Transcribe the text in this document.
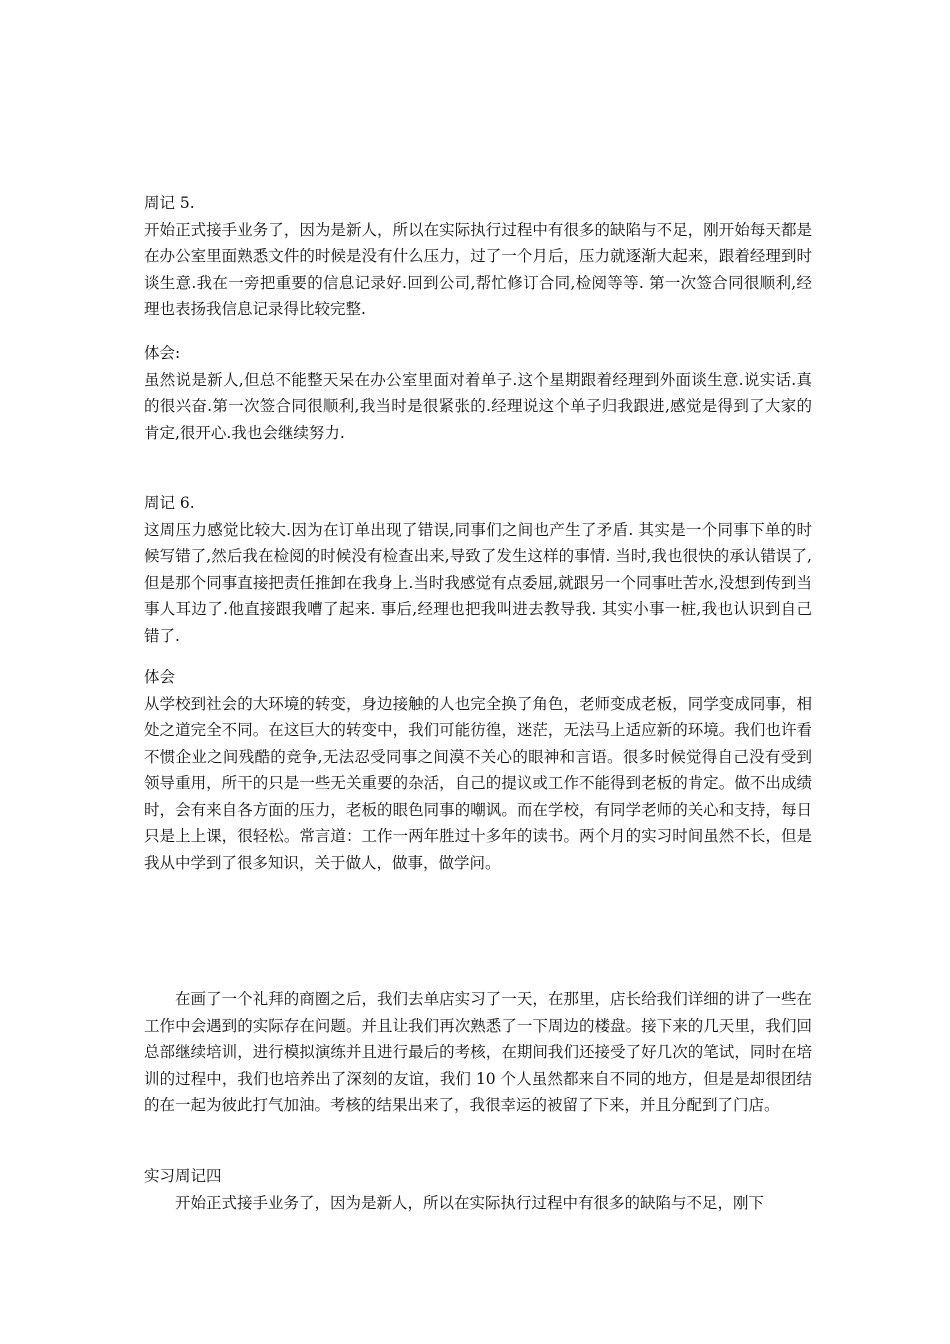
周记 5.
开始正式接手业务了，因为是新人，所以在实际执行过程中有很多的缺陷与不足，刚开始每天都是在办公室里面熟悉文件的时候是没有什么压力，过了一个月后，压力就逐渐大起来，跟着经理到时谈生意.我在一旁把重要的信息记录好.回到公司,帮忙修订合同,检阅等等. 第一次签合同很顺利,经理也表扬我信息记录得比较完整.
体会:
虽然说是新人,但总不能整天呆在办公室里面对着单子.这个星期跟着经理到外面谈生意.说实话.真的很兴奋.第一次签合同很顺利,我当时是很紧张的.经理说这个单子归我跟进,感觉是得到了大家的肯定,很开心.我也会继续努力.
周记 6.
这周压力感觉比较大.因为在订单出现了错误,同事们之间也产生了矛盾. 其实是一个同事下单的时候写错了,然后我在检阅的时候没有检查出来,导致了发生这样的事情. 当时,我也很快的承认错误了,但是那个同事直接把责任推卸在我身上.当时我感觉有点委屈,就跟另一个同事吐苦水,没想到传到当事人耳边了.他直接跟我嘈了起来. 事后,经理也把我叫进去教导我. 其实小事一桩,我也认识到自己错了.
体会
从学校到社会的大环境的转变，身边接触的人也完全换了角色，老师变成老板，同学变成同事，相处之道完全不同。在这巨大的转变中，我们可能彷徨，迷茫，无法马上适应新的环境。我们也许看不惯企业之间残酷的竞争,无法忍受同事之间漠不关心的眼神和言语。很多时候觉得自己没有受到领导重用，所干的只是一些无关重要的杂活，自己的提议或工作不能得到老板的肯定。做不出成绩时，会有来自各方面的压力，老板的眼色同事的嘲讽。而在学校，有同学老师的关心和支持，每日只是上上课，很轻松。常言道：工作一两年胜过十多年的读书。两个月的实习时间虽然不长，但是我从中学到了很多知识，关于做人，做事，做学问。
在画了一个礼拜的商圈之后，我们去单店实习了一天，在那里，店长给我们详细的讲了一些在工作中会遇到的实际存在问题。并且让我们再次熟悉了一下周边的楼盘。接下来的几天里，我们回总部继续培训，进行模拟演练并且进行最后的考核，在期间我们还接受了好几次的笔试，同时在培训的过程中，我们也培养出了深刻的友谊，我们 10 个人虽然都来自不同的地方，但是是却很团结的在一起为彼此打气加油。考核的结果出来了，我很幸运的被留了下来，并且分配到了门店。
实习周记四
开始正式接手业务了，因为是新人，所以在实际执行过程中有很多的缺陷与不足，刚下
